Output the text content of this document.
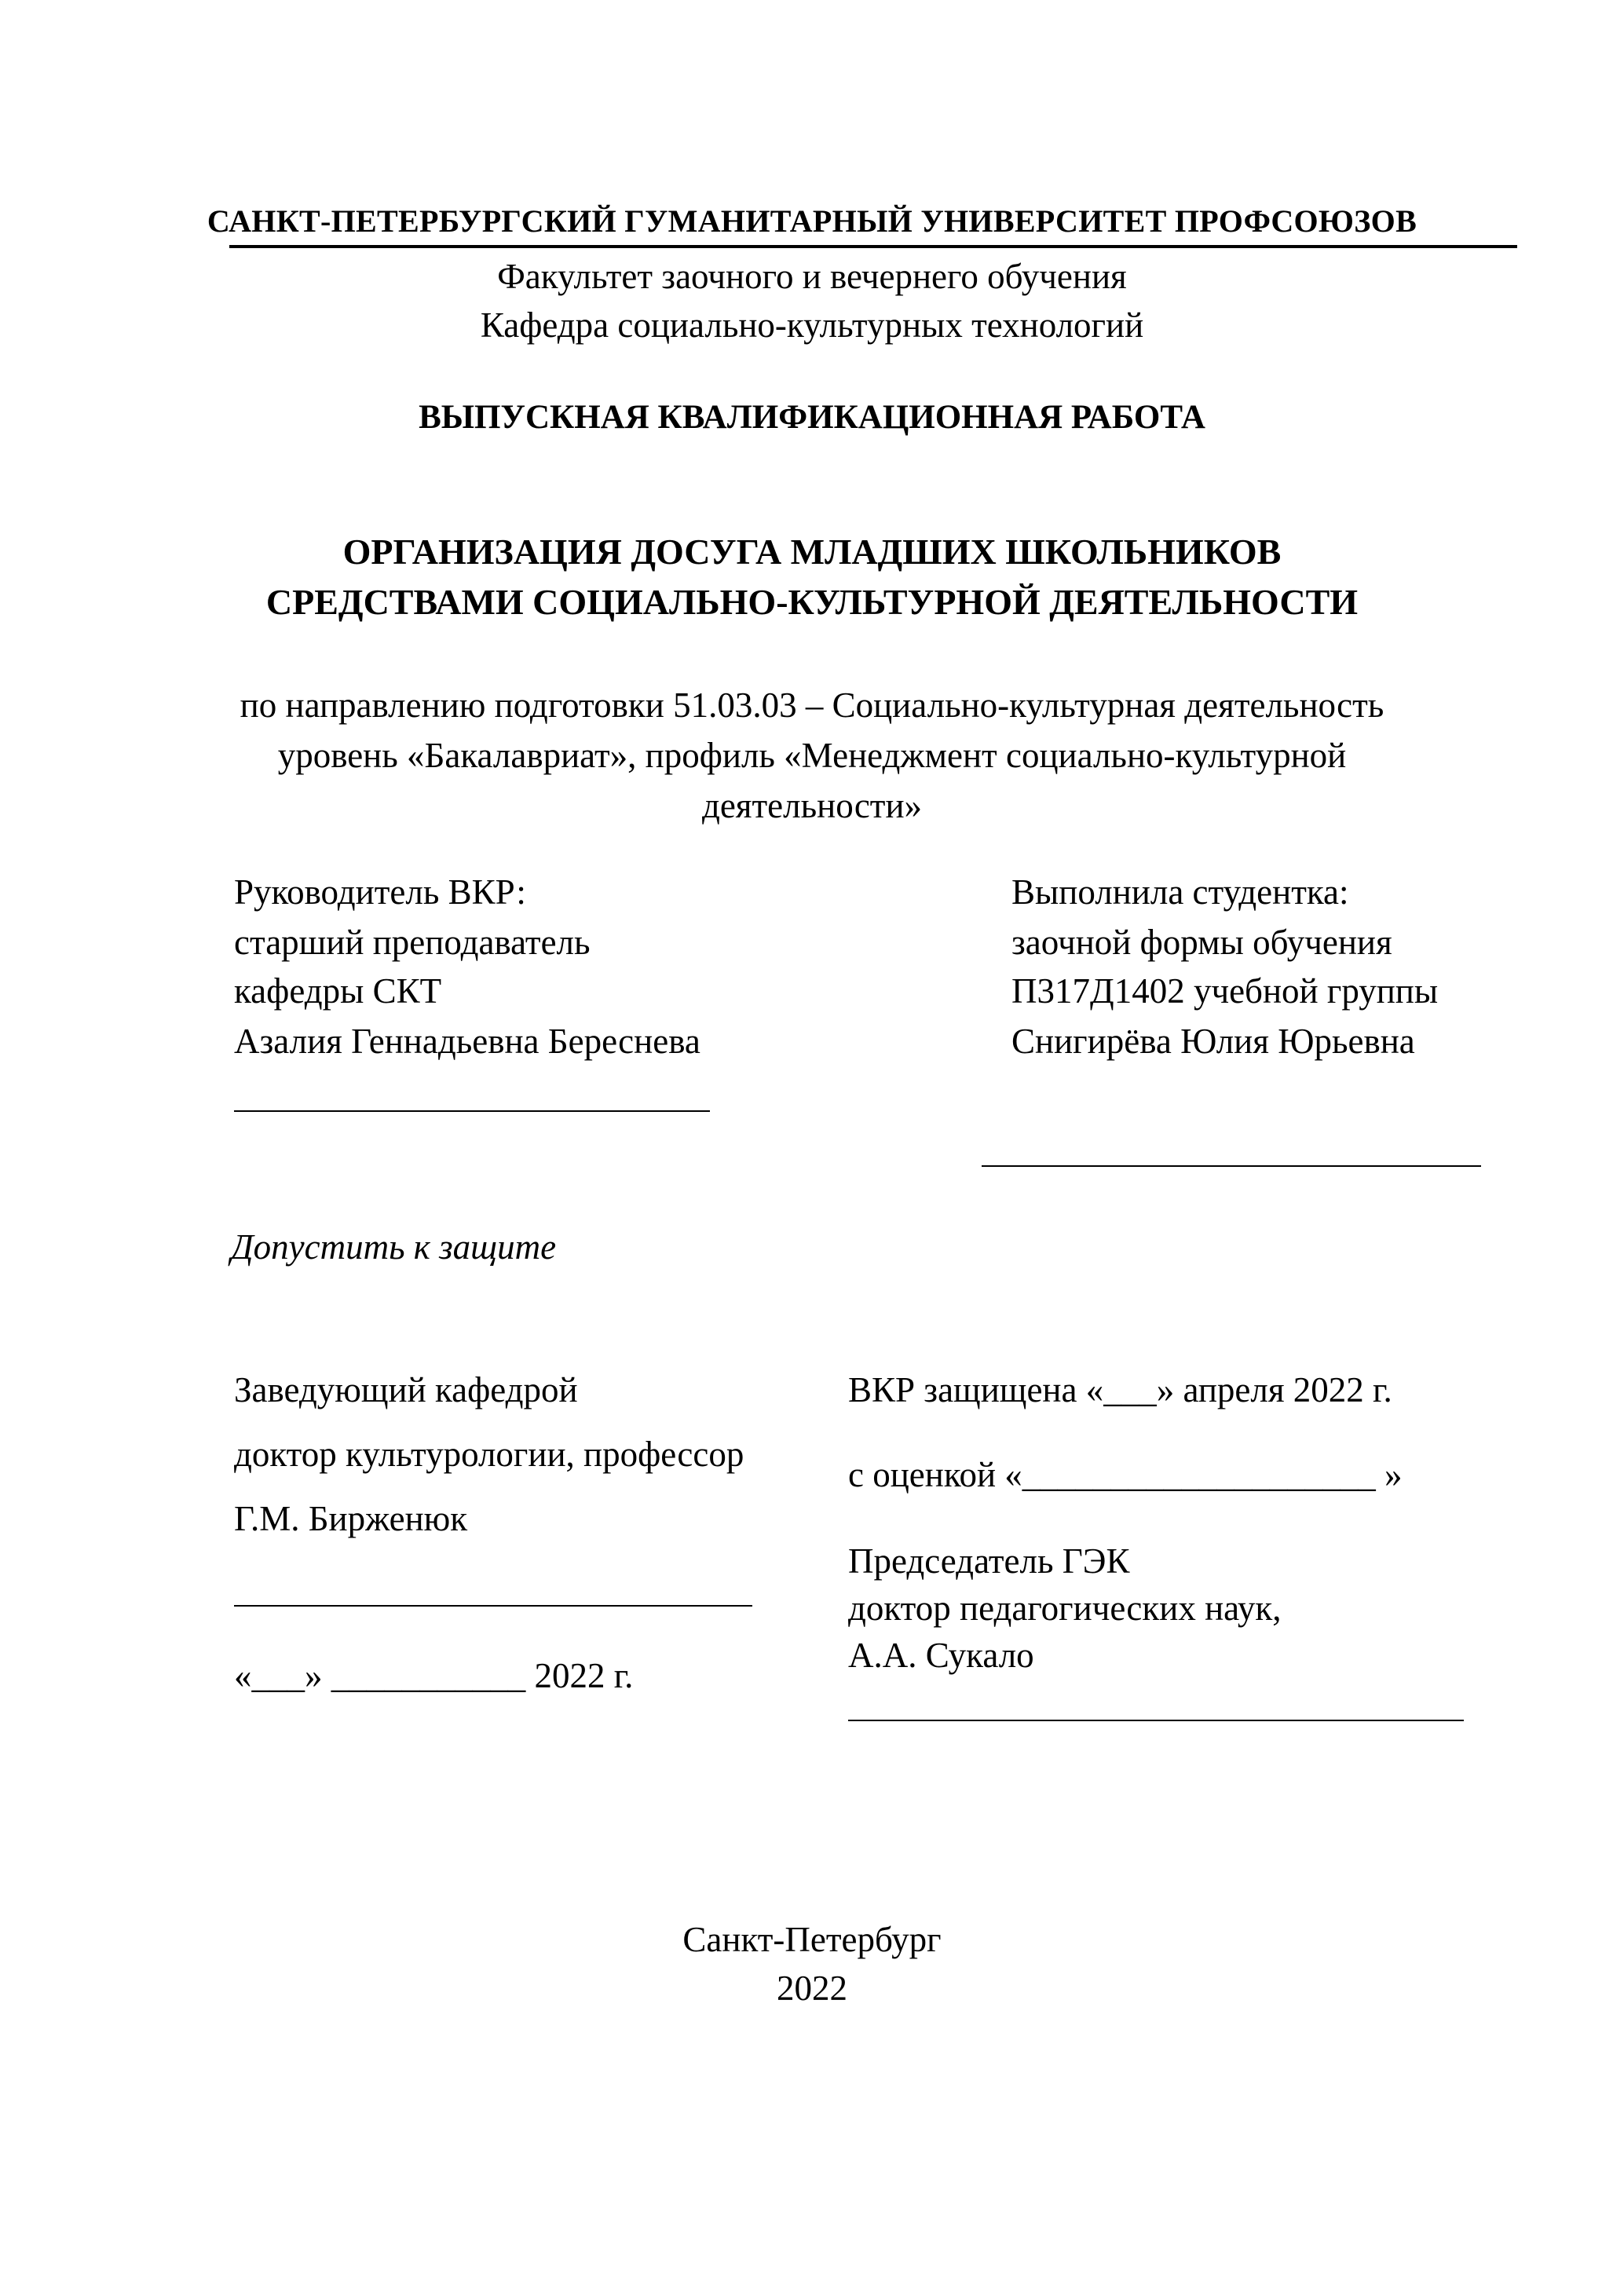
САНКТ-ПЕТЕРБУРГСКИЙ ГУМАНИТАРНЫЙ УНИВЕРСИТЕТ ПРОФСОЮЗОВ
Факультет заочного и вечернего обучения
Кафедра социально-культурных технологий
ВЫПУСКНАЯ КВАЛИФИКАЦИОННАЯ РАБОТА
ОРГАНИЗАЦИЯ ДОСУГА МЛАДШИХ ШКОЛЬНИКОВ
СРЕДСТВАМИ СОЦИАЛЬНО-КУЛЬТУРНОЙ ДЕЯТЕЛЬНОСТИ
по направлению подготовки 51.03.03 – Социально-культурная деятельность
уровень «Бакалавриат», профиль «Менеджмент социально-культурной
деятельности»
Руководитель ВКР:
старший преподаватель
кафедры СКТ
Азалия Геннадьевна Береснева
Выполнила студентка:
заочной формы обучения
П317Д1402 учебной группы
Снигирёва Юлия Юрьевна
Допустить к защите
Заведующий кафедрой
доктор культурологии, профессор
Г.М. Бирженюк
«___» ___________ 2022 г.
ВКР защищена «___» апреля 2022 г.
с оценкой «____________________ »
Председатель ГЭК
доктор педагогических наук,
А.А. Сукало
Санкт-Петербург
2022
